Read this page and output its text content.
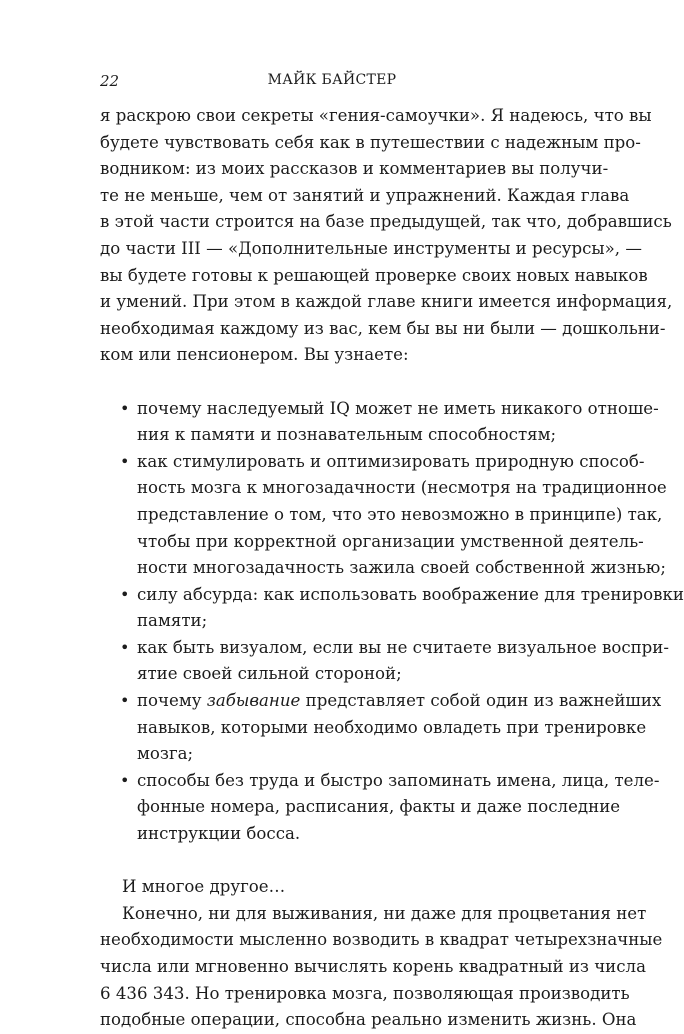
22	МАЙК БАЙСТЕР
я раскрою свои секреты «гения-самоучки». Я надеюсь, что вы
будете чувствовать себя как в путешествии с надежным про-
водником: из моих рассказов и комментариев вы получи-
те не меньше, чем от занятий и упражнений. Каждая глава
в этой части строится на базе предыдущей, так что, добравшись
до части III — «Дополнительные инструменты и ресурсы», —
вы будете готовы к решающей проверке своих новых навыков
и умений. При этом в каждой главе книги имеется информация,
необходимая каждому из вас, кем бы вы ни были — дошкольни-
ком или пенсионером. Вы узнаете:
• почему наследуемый IQ может не иметь никакого отноше-
ния к памяти и познавательным способностям;
• как стимулировать и оптимизировать природную способ-
ность мозга к многозадачности (несмотря на традиционное
представление о том, что это невозможно в принципе) так,
чтобы при корректной организации умственной деятель-
ности многозадачность зажила своей собственной жизнью;
• силу абсурда: как использовать воображение для тренировки
памяти;
• как быть визуалом, если вы не считаете визуальное воспри-
ятие своей сильной стороной;
• почему забывание представляет собой один из важнейших
навыков, которыми необходимо овладеть при тренировке
мозга;
• способы без труда и быстро запоминать имена, лица, теле-
фонные номера, расписания, факты и даже последние
инструкции босса.
И многое другое…
Конечно, ни для выживания, ни даже для процветания нет
необходимости мысленно возводить в квадрат четырехзначные
числа или мгновенно вычислять корень квадратный из числа
6 436 343. Но тренировка мозга, позволяющая производить
подобные операции, способна реально изменить жизнь. Она
